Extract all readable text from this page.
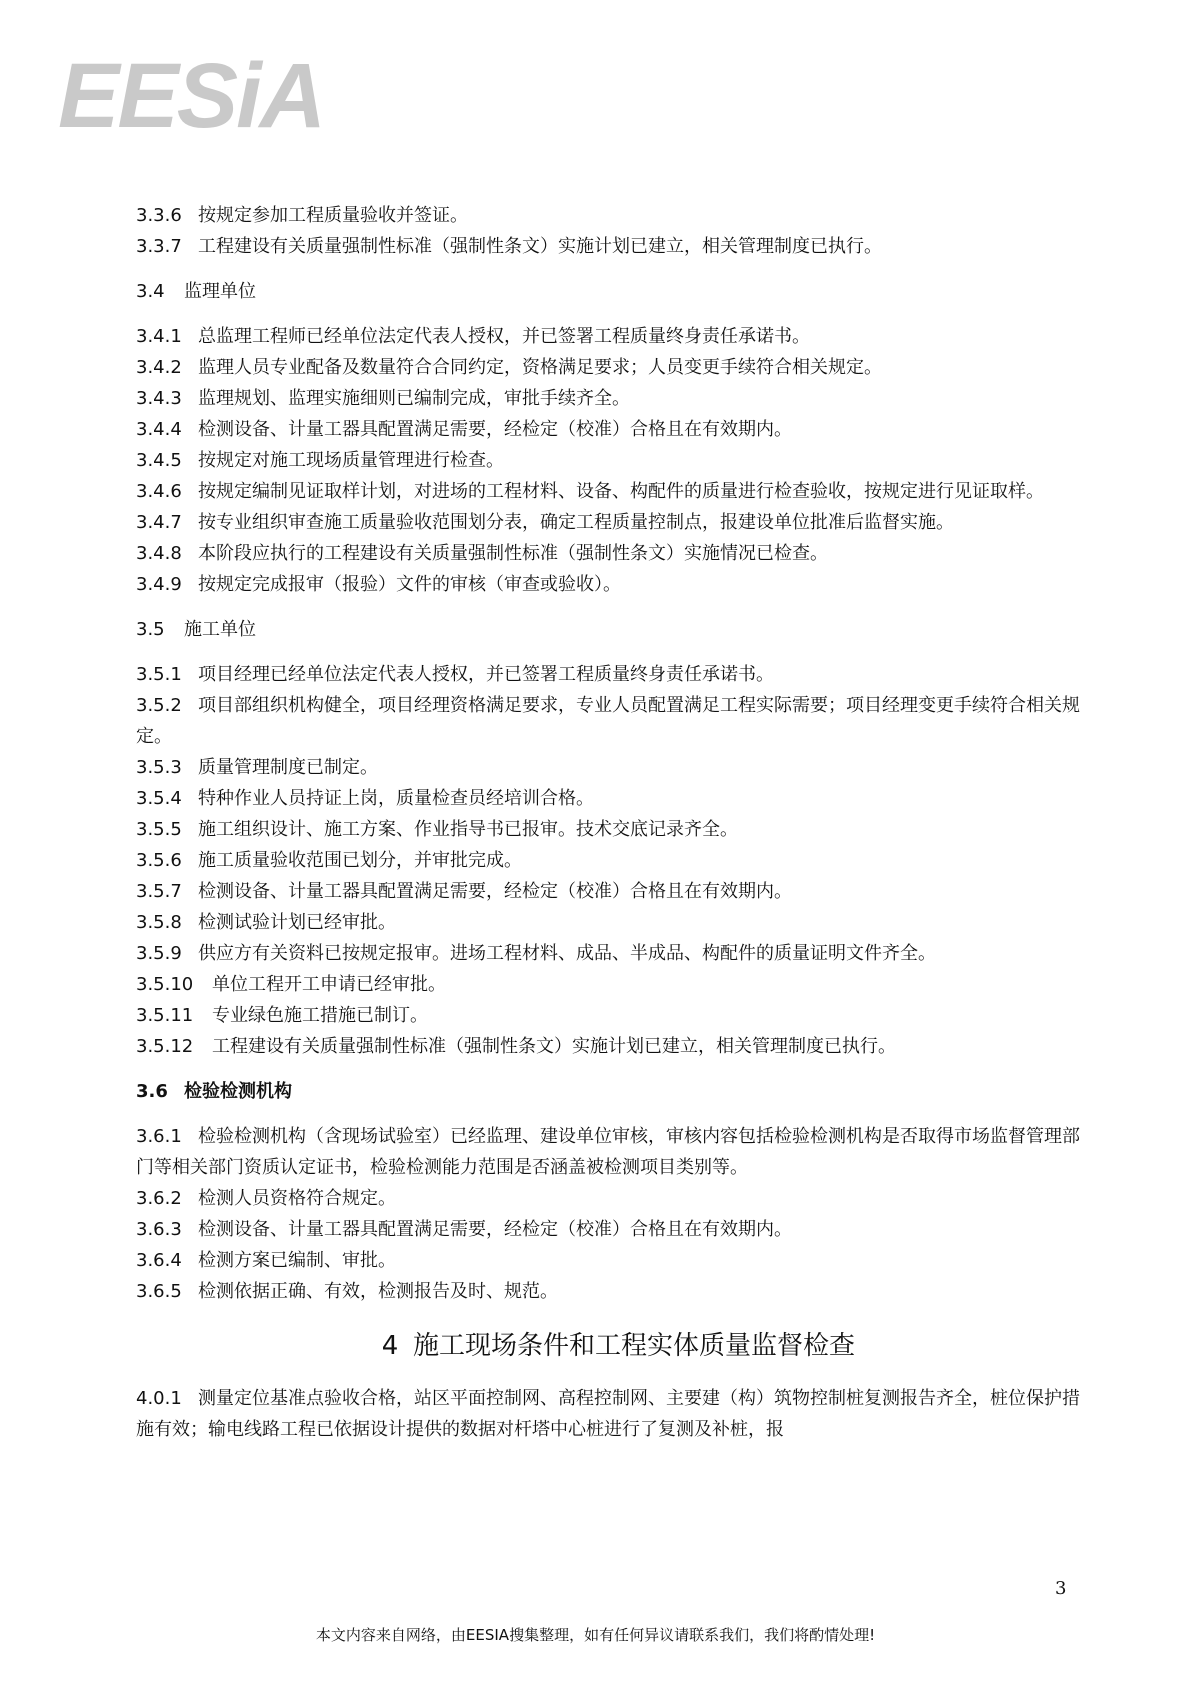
EESiA
3.3.6 按规定参加工程质量验收并签证。
3.3.7 工程建设有关质量强制性标准（强制性条文）实施计划已建立，相关管理制度已执行。
3.4 监理单位
3.4.1 总监理工程师已经单位法定代表人授权，并已签署工程质量终身责任承诺书。
3.4.2 监理人员专业配备及数量符合合同约定，资格满足要求；人员变更手续符合相关规定。
3.4.3 监理规划、监理实施细则已编制完成，审批手续齐全。
3.4.4 检测设备、计量工器具配置满足需要，经检定（校准）合格且在有效期内。
3.4.5 按规定对施工现场质量管理进行检查。
3.4.6 按规定编制见证取样计划，对进场的工程材料、设备、构配件的质量进行检查验收，按规定进行见证取样。
3.4.7 按专业组织审查施工质量验收范围划分表，确定工程质量控制点，报建设单位批准后监督实施。
3.4.8 本阶段应执行的工程建设有关质量强制性标准（强制性条文）实施情况已检查。
3.4.9 按规定完成报审（报验）文件的审核（审查或验收）。
3.5 施工单位
3.5.1 项目经理已经单位法定代表人授权，并已签署工程质量终身责任承诺书。
3.5.2 项目部组织机构健全，项目经理资格满足要求，专业人员配置满足工程实际需要；项目经理变更手续符合相关规定。
3.5.3 质量管理制度已制定。
3.5.4 特种作业人员持证上岗，质量检查员经培训合格。
3.5.5 施工组织设计、施工方案、作业指导书已报审。技术交底记录齐全。
3.5.6 施工质量验收范围已划分，并审批完成。
3.5.7 检测设备、计量工器具配置满足需要，经检定（校准）合格且在有效期内。
3.5.8 检测试验计划已经审批。
3.5.9 供应方有关资料已按规定报审。进场工程材料、成品、半成品、构配件的质量证明文件齐全。
3.5.10 单位工程开工申请已经审批。
3.5.11 专业绿色施工措施已制订。
3.5.12 工程建设有关质量强制性标准（强制性条文）实施计划已建立，相关管理制度已执行。
3.6 检验检测机构
3.6.1 检验检测机构（含现场试验室）已经监理、建设单位审核，审核内容包括检验检测机构是否取得市场监督管理部门等相关部门资质认定证书，检验检测能力范围是否涵盖被检测项目类别等。
3.6.2 检测人员资格符合规定。
3.6.3 检测设备、计量工器具配置满足需要，经检定（校准）合格且在有效期内。
3.6.4 检测方案已编制、审批。
3.6.5 检测依据正确、有效，检测报告及时、规范。
4 施工现场条件和工程实体质量监督检查
4.0.1 测量定位基准点验收合格，站区平面控制网、高程控制网、主要建（构）筑物控制桩复测报告齐全，桩位保护措施有效；输电线路工程已依据设计提供的数据对杆塔中心桩进行了复测及补桩，报
3
本文内容来自网络，由EESIA搜集整理，如有任何异议请联系我们，我们将酌情处理!
